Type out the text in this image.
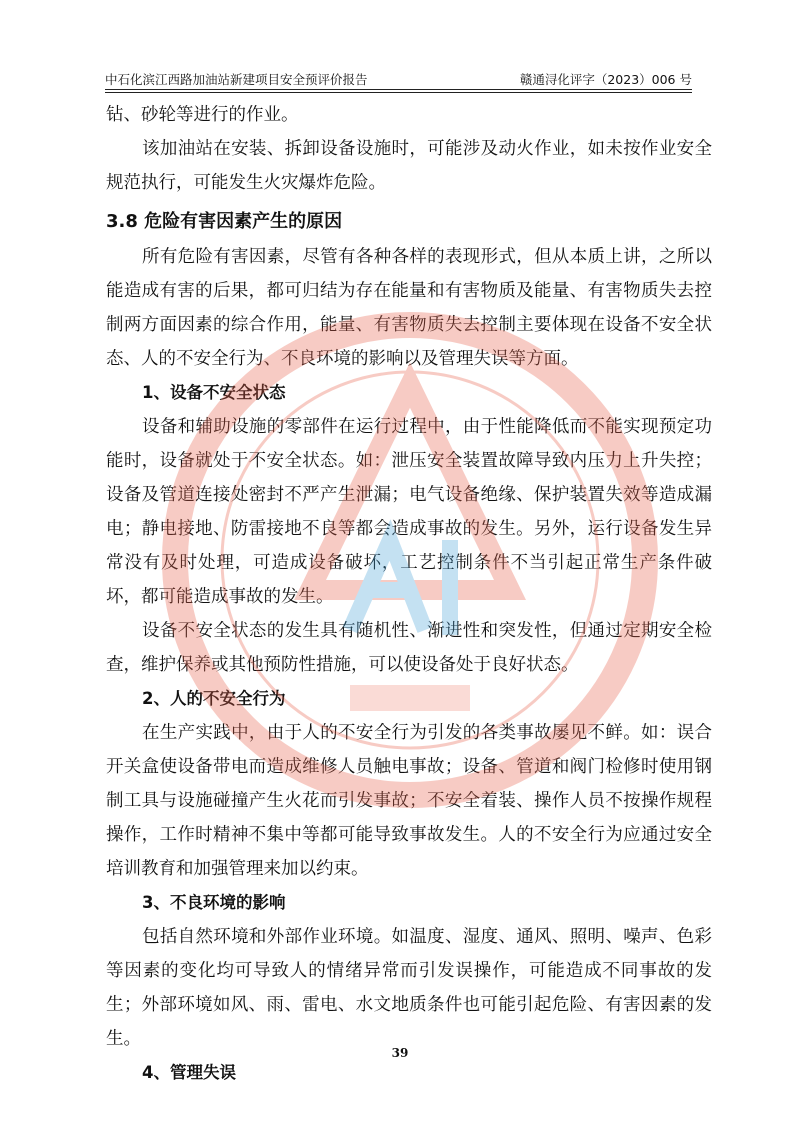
中石化滨江西路加油站新建项目安全预评价报告	赣通浔化评字（2023）006 号

钻、砂轮等进行的作业。

该加油站在安装、拆卸设备设施时，可能涉及动火作业，如未按作业安全规范执行，可能发生火灾爆炸危险。

3.8 危险有害因素产生的原因

所有危险有害因素，尽管有各种各样的表现形式，但从本质上讲，之所以能造成有害的后果，都可归结为存在能量和有害物质及能量、有害物质失去控制两方面因素的综合作用，能量、有害物质失去控制主要体现在设备不安全状态、人的不安全行为、不良环境的影响以及管理失误等方面。

1、设备不安全状态

设备和辅助设施的零部件在运行过程中，由于性能降低而不能实现预定功能时，设备就处于不安全状态。如：泄压安全装置故障导致内压力上升失控；设备及管道连接处密封不严产生泄漏；电气设备绝缘、保护装置失效等造成漏电；静电接地、防雷接地不良等都会造成事故的发生。另外，运行设备发生异常没有及时处理，可造成设备破坏，工艺控制条件不当引起正常生产条件破坏，都可能造成事故的发生。

设备不安全状态的发生具有随机性、渐进性和突发性，但通过定期安全检查，维护保养或其他预防性措施，可以使设备处于良好状态。

2、人的不安全行为

在生产实践中，由于人的不安全行为引发的各类事故屡见不鲜。如：误合开关盒使设备带电而造成维修人员触电事故；设备、管道和阀门检修时使用钢制工具与设施碰撞产生火花而引发事故；不安全着装、操作人员不按操作规程操作，工作时精神不集中等都可能导致事故发生。人的不安全行为应通过安全培训教育和加强管理来加以约束。

3、不良环境的影响

包括自然环境和外部作业环境。如温度、湿度、通风、照明、噪声、色彩等因素的变化均可导致人的情绪异常而引发误操作，可能造成不同事故的发生；外部环境如风、雨、雷电、水文地质条件也可能引起危险、有害因素的发生。

4、管理失误
39
